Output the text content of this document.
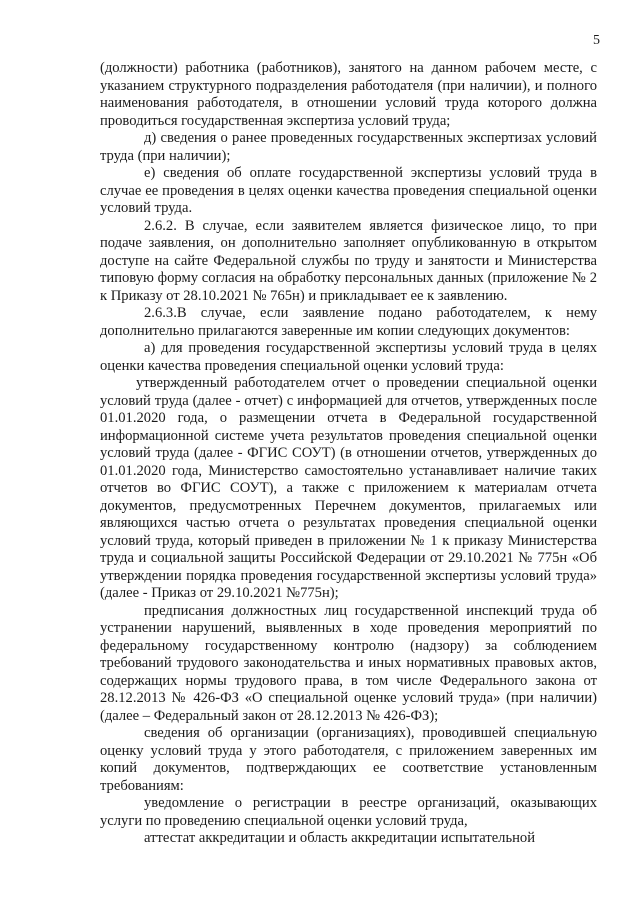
5

(должности) работника (работников), занятого на данном рабочем месте, с указанием структурного подразделения работодателя (при наличии), и полного наименования работодателя, в отношении условий труда которого должна проводиться государственная экспертиза условий труда;

д) сведения о ранее проведенных государственных экспертизах условий труда (при наличии);

е) сведения об оплате государственной экспертизы условий труда в случае ее проведения в целях оценки качества проведения специальной оценки условий труда.

2.6.2. В случае, если заявителем является физическое лицо, то при подаче заявления, он дополнительно заполняет опубликованную в открытом доступе на сайте Федеральной службы по труду и занятости и Министерства типовую форму согласия на обработку персональных данных (приложение № 2 к Приказу от 28.10.2021 № 765н) и прикладывает ее к заявлению.

2.6.3.В случае, если заявление подано работодателем, к нему дополнительно прилагаются заверенные им копии следующих документов:

а) для проведения государственной экспертизы условий труда в целях оценки качества проведения специальной оценки условий труда:

утвержденный работодателем отчет о проведении специальной оценки условий труда (далее - отчет) с информацией для отчетов, утвержденных после 01.01.2020 года, о размещении отчета в Федеральной государственной информационной системе учета результатов проведения специальной оценки условий труда (далее - ФГИС СОУТ) (в отношении отчетов, утвержденных до 01.01.2020 года, Министерство самостоятельно устанавливает наличие таких отчетов во ФГИС СОУТ), а также с приложением к материалам отчета документов, предусмотренных Перечнем документов, прилагаемых или являющихся частью отчета о результатах проведения специальной оценки условий труда, который приведен в приложении № 1 к приказу Министерства труда и социальной защиты Российской Федерации от 29.10.2021 № 775н «Об утверждении порядка проведения государственной экспертизы условий труда» (далее - Приказ от 29.10.2021 №775н);

предписания должностных лиц государственной инспекций труда об устранении нарушений, выявленных в ходе проведения мероприятий по федеральному государственному контролю (надзору) за соблюдением требований трудового законодательства и иных нормативных правовых актов, содержащих нормы трудового права, в том числе Федерального закона от 28.12.2013 № 426-ФЗ «О специальной оценке условий труда» (при наличии) (далее – Федеральный закон от 28.12.2013 № 426-ФЗ);

сведения об организации (организациях), проводившей специальную оценку условий труда у этого работодателя, с приложением заверенных им копий документов, подтверждающих ее соответствие установленным требованиям:

уведомление о регистрации в реестре организаций, оказывающих услуги по проведению специальной оценки условий труда,

аттестат аккредитации и область аккредитации испытательной
